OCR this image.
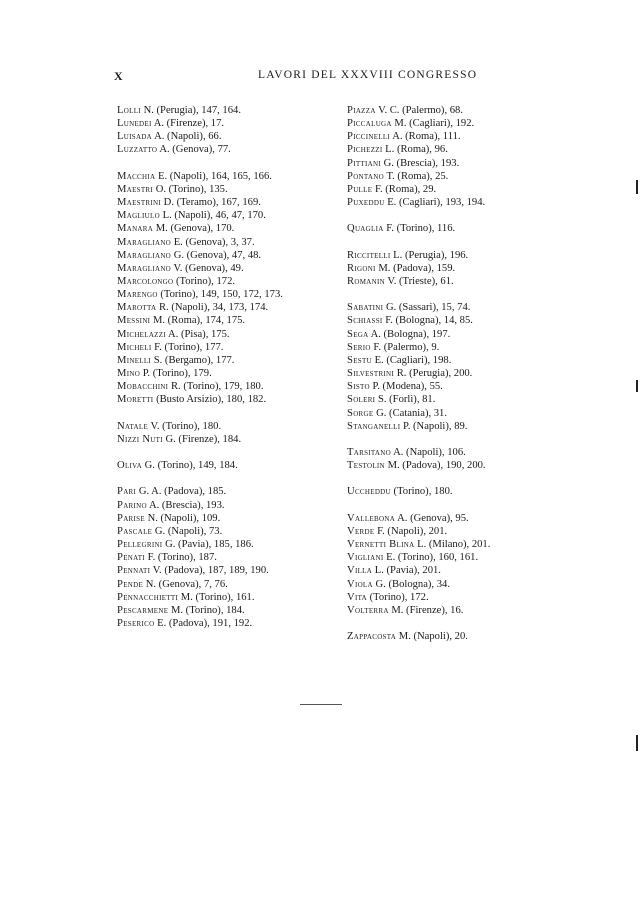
X	LAVORI DEL XXXVIII CONGRESSO
Lolli N. (Perugia), 147, 164.
Lunedei A. (Firenze), 17.
Luisada A. (Napoli), 66.
Luzzatto A. (Genova), 77.
Macchia E. (Napoli), 164, 165, 166.
Maestri O. (Torino), 135.
Maestrini D. (Teramo), 167, 169.
Magliulo L. (Napoli), 46, 47, 170.
Manara M. (Genova), 170.
Maragliano E. (Genova), 3, 37.
Maragliano G. (Genova), 47, 48.
Maragliano V. (Genova), 49.
Marcolongo (Torino), 172.
Marengo (Torino), 149, 150, 172, 173.
Marotta R. (Napoli), 34, 173, 174.
Messini M. (Roma), 174, 175.
Michelazzi A. (Pisa), 175.
Micheli F. (Torino), 177.
Minelli S. (Bergamo), 177.
Mino P. (Torino), 179.
Mobacchini R. (Torino), 179, 180.
Moretti (Busto Arsizio), 180, 182.
Natale V. (Torino), 180.
Nizzi Nuti G. (Firenze), 184.
Oliva G. (Torino), 149, 184.
Pari G. A. (Padova), 185.
Parino A. (Brescia), 193.
Parise N. (Napoli), 109.
Pascale G. (Napoli), 73.
Pellegrini G. (Pavia), 185, 186.
Penati F. (Torino), 187.
Pennati V. (Padova), 187, 189, 190.
Pende N. (Genova), 7, 76.
Pennacchietti M. (Torino), 161.
Pescarmene M. (Torino), 184.
Peserico E. (Padova), 191, 192.
Piazza V. C. (Palermo), 68.
Piccaluga M. (Cagliari), 192.
Piccinelli A. (Roma), 111.
Pichezzi L. (Roma), 96.
Pittiani G. (Brescia), 193.
Pontano T. (Roma), 25.
Pulle F. (Roma), 29.
Puxeddu E. (Cagliari), 193, 194.
Quaglia F. (Torino), 116.
Riccitelli L. (Perugia), 196.
Rigoni M. (Padova), 159.
Romanin V. (Trieste), 61.
Sabatini G. (Sassari), 15, 74.
Schiassi F. (Bologna), 14, 85.
Sega A. (Bologna), 197.
Serio F. (Palermo), 9.
Sestu E. (Cagliari), 198.
Silvestrini R. (Perugia), 200.
Sisto P. (Modena), 55.
Soleri S. (Forlì), 81.
Sorge G. (Catania), 31.
Stanganelli P. (Napoli), 89.
Tarsitano A. (Napoli), 106.
Testolin M. (Padova), 190, 200.
Uccheddu (Torino), 180.
Vallebona A. (Genova), 95.
Verde F. (Napoli), 201.
Vernetti Blina L. (Milano), 201.
Vigliani E. (Torino), 160, 161.
Villa L. (Pavia), 201.
Viola G. (Bologna), 34.
Vita (Torino), 172.
Volterra M. (Firenze), 16.
Zappacosta M. (Napoli), 20.
